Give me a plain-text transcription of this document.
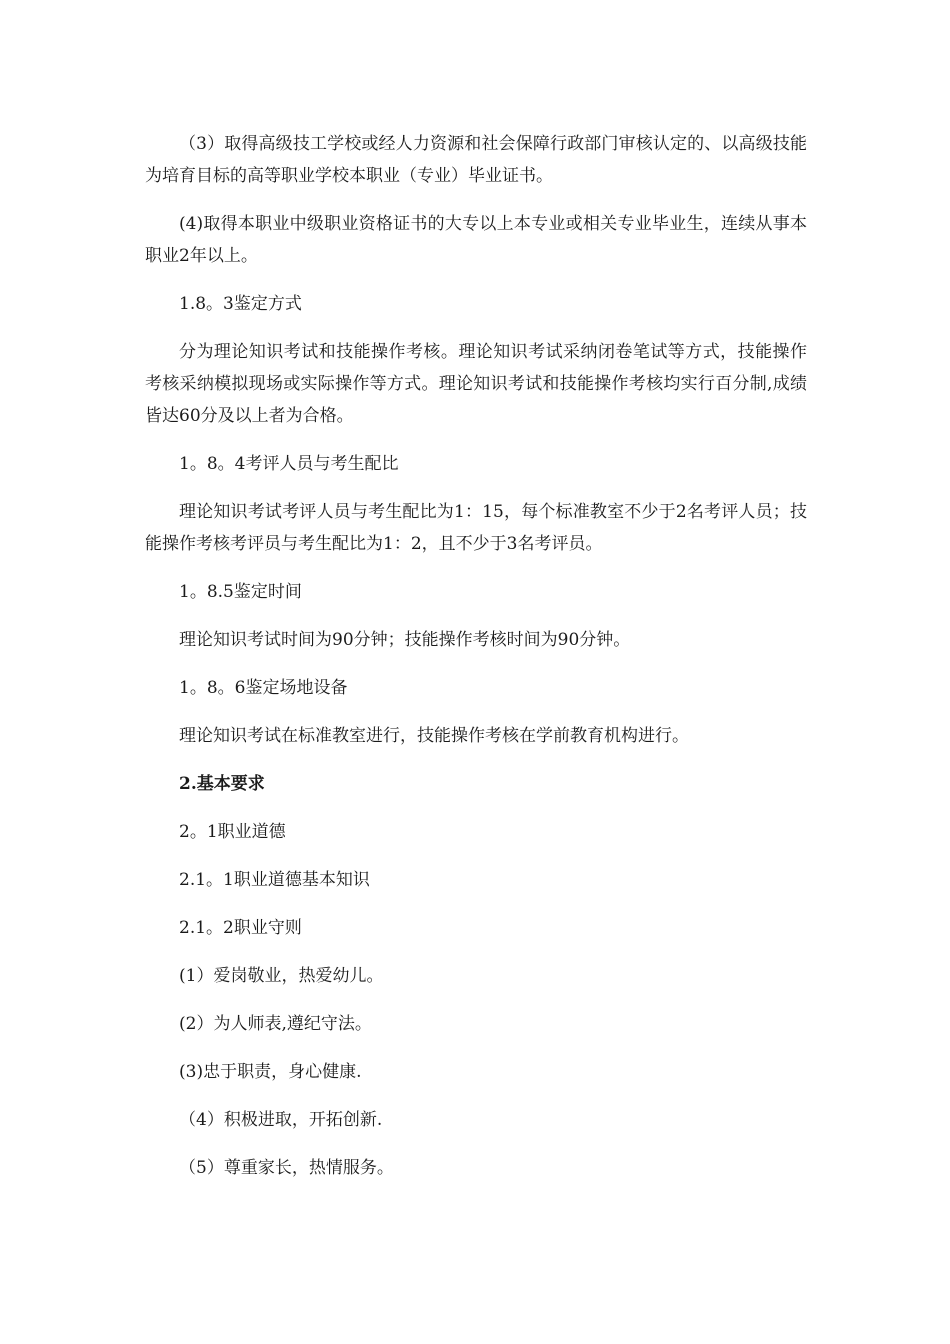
（3）取得高级技工学校或经人力资源和社会保障行政部门审核认定的、以高级技能为培育目标的高等职业学校本职业（专业）毕业证书。

(4)取得本职业中级职业资格证书的大专以上本专业或相关专业毕业生，连续从事本职业2年以上。

1.8。3鉴定方式

分为理论知识考试和技能操作考核。理论知识考试采纳闭卷笔试等方式，技能操作考核采纳模拟现场或实际操作等方式。理论知识考试和技能操作考核均实行百分制,成绩皆达60分及以上者为合格。

1。8。4考评人员与考生配比

理论知识考试考评人员与考生配比为1：15，每个标准教室不少于2名考评人员；技能操作考核考评员与考生配比为1：2，且不少于3名考评员。

1。8.5鉴定时间

理论知识考试时间为90分钟；技能操作考核时间为90分钟。

1。8。6鉴定场地设备

理论知识考试在标准教室进行，技能操作考核在学前教育机构进行。

2.基本要求

2。1职业道德

2.1。1职业道德基本知识

2.1。2职业守则

(1）爱岗敬业，热爱幼儿。

(2）为人师表,遵纪守法。

(3)忠于职责，身心健康.

（4）积极进取，开拓创新.

（5）尊重家长，热情服务。
